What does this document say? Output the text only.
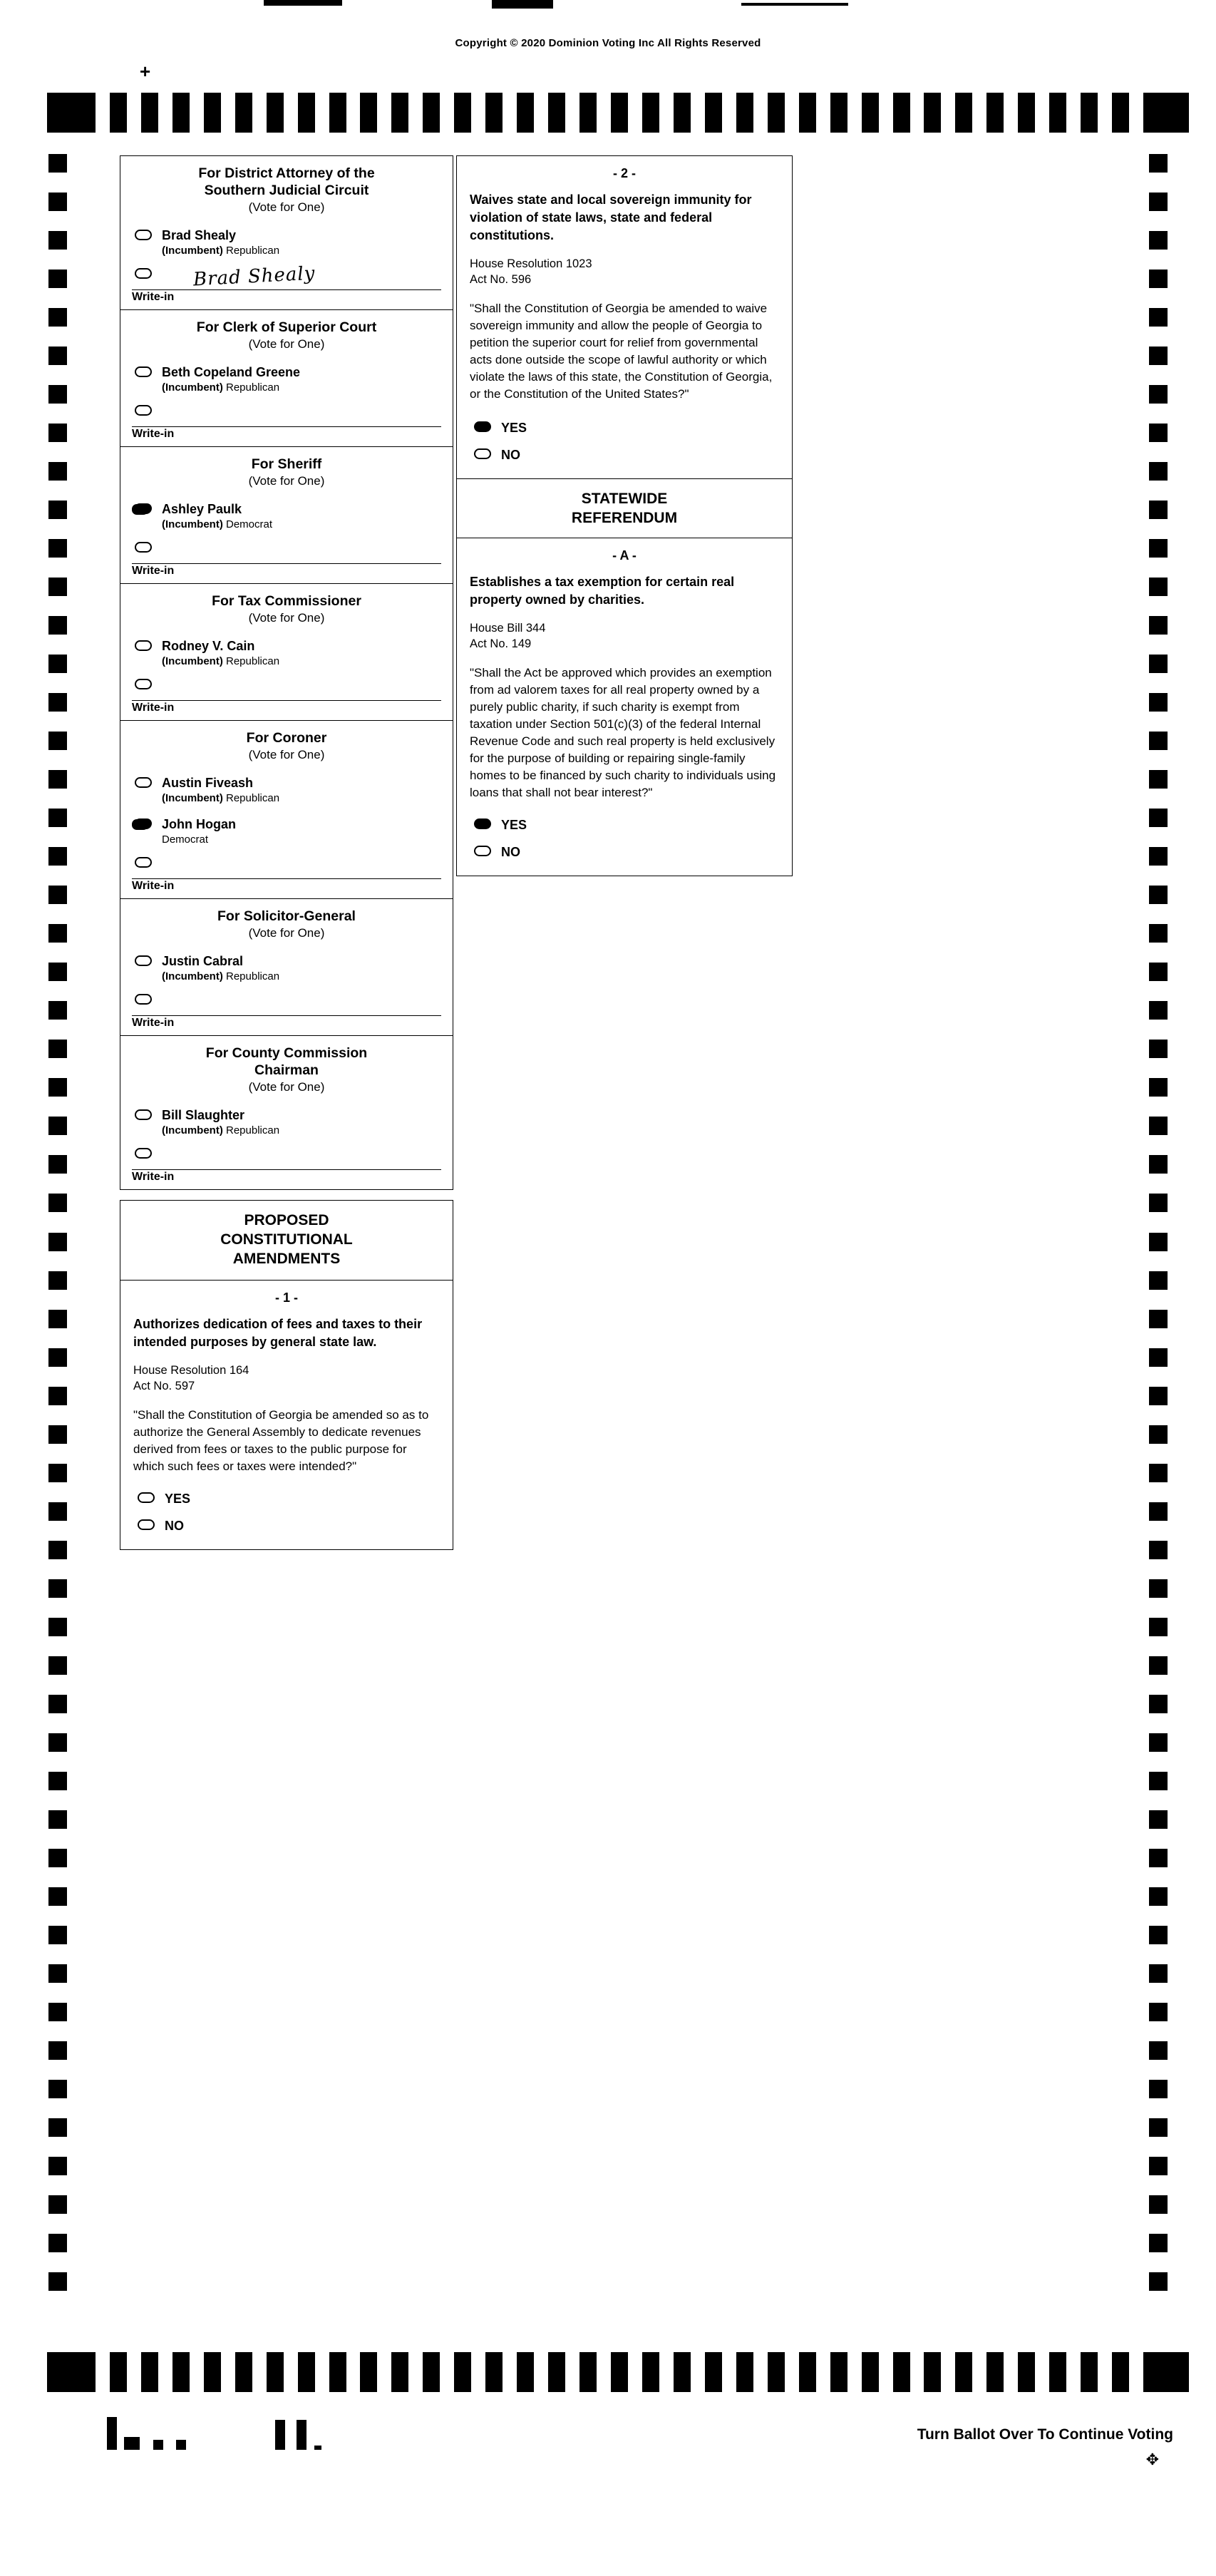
Copyright © 2020 Dominion Voting Inc All Rights Reserved
+
For District Attorney of the
Southern Judicial Circuit
(Vote for One)
Brad Shealy
(Incumbent) Republican
Write-in
Brad Shealy
For Clerk of Superior Court
(Vote for One)
Beth Copeland Greene
(Incumbent) Republican
Write-in
For Sheriff
(Vote for One)
Ashley Paulk
(Incumbent) Democrat
Write-in
For Tax Commissioner
(Vote for One)
Rodney V. Cain
(Incumbent) Republican
Write-in
For Coroner
(Vote for One)
Austin Fiveash
(Incumbent) Republican
John Hogan
Democrat
Write-in
For Solicitor-General
(Vote for One)
Justin Cabral
(Incumbent) Republican
Write-in
For County Commission
Chairman
(Vote for One)
Bill Slaughter
(Incumbent) Republican
Write-in
PROPOSED
CONSTITUTIONAL
AMENDMENTS
- 1 -
Authorizes dedication of fees and taxes to their intended purposes by general state law.
House Resolution 164
Act No. 597
"Shall the Constitution of Georgia be amended so as to authorize the General Assembly to dedicate revenues derived from fees or taxes to the public purpose for which such fees or taxes were intended?"
YES
NO
- 2 -
Waives state and local sovereign immunity for violation of state laws, state and federal constitutions.
House Resolution 1023
Act No. 596
"Shall the Constitution of Georgia be amended to waive sovereign immunity and allow the people of Georgia to petition the superior court for relief from governmental acts done outside the scope of lawful authority or which violate the laws of this state, the Constitution of Georgia, or the Constitution of the United States?"
YES
NO
STATEWIDE
REFERENDUM
- A -
Establishes a tax exemption for certain real property owned by charities.
House Bill 344
Act No. 149
"Shall the Act be approved which provides an exemption from ad valorem taxes for all real property owned by a purely public charity, if such charity is exempt from taxation under Section 501(c)(3) of the federal Internal Revenue Code and such real property is held exclusively for the purpose of building or repairing single-family homes to be financed by such charity to individuals using loans that shall not bear interest?"
YES
NO

Turn Ballot Over To Continue Voting
✥
